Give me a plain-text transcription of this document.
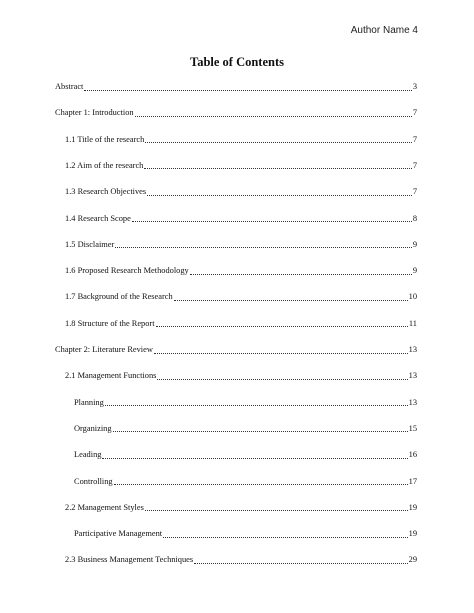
Author Name 4
Table of Contents
Abstract	3
Chapter 1: Introduction	7
1.1 Title of the research	7
1.2 Aim of the research	7
1.3 Research Objectives	7
1.4 Research Scope	8
1.5 Disclaimer	9
1.6 Proposed Research Methodology	9
1.7 Background of the Research	10
1.8 Structure of the Report	11
Chapter 2: Literature Review	13
2.1 Management Functions	13
Planning	13
Organizing	15
Leading	16
Controlling	17
2.2 Management Styles	19
Participative Management	19
2.3 Business Management Techniques	29
